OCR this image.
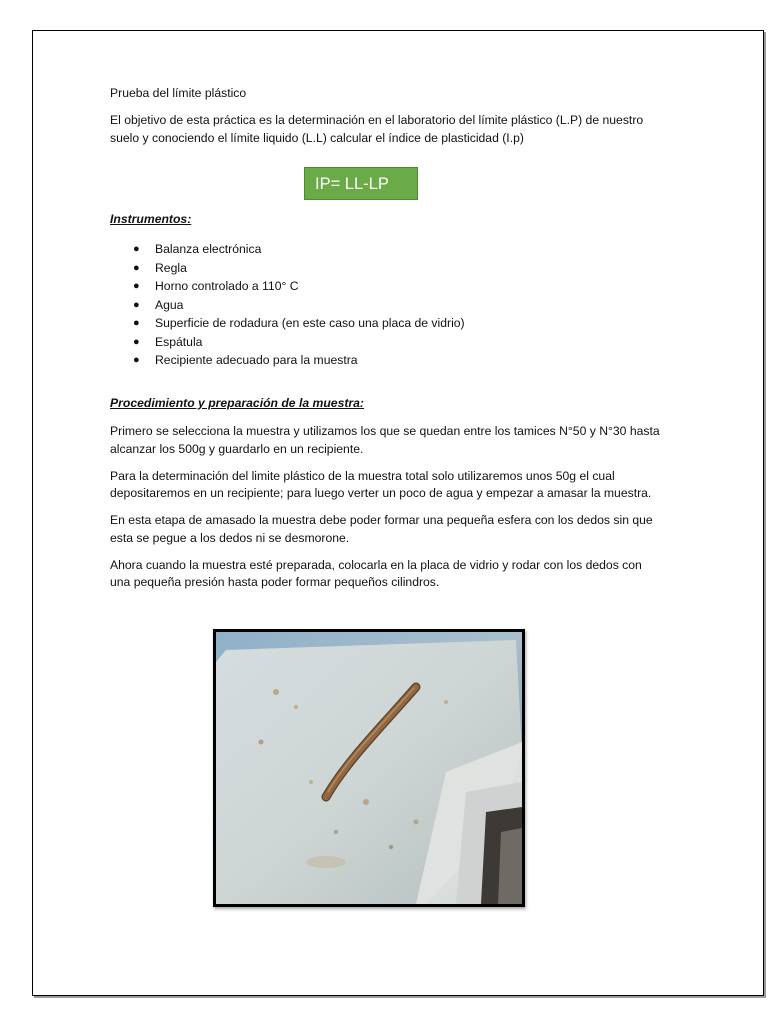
Prueba del límite plástico
El objetivo de esta práctica es la determinación en el laboratorio del límite plástico (L.P) de nuestro suelo y conociendo el límite liquido (L.L) calcular el índice de plasticidad (I.p)
IP= LL-LP
Instrumentos:
● Balanza electrónica
● Regla
● Horno controlado a 110° C
● Agua
● Superficie de rodadura (en este caso una placa de vidrio)
● Espátula
● Recipiente adecuado para la muestra
Procedimiento y preparación de la muestra:

Primero se selecciona la muestra y utilizamos los que se quedan entre los tamices N°50 y N°30 hasta alcanzar los 500g y guardarlo en un recipiente.

Para la determinación del limite plástico de la muestra total solo utilizaremos unos 50g el cual depositaremos en un recipiente; para luego verter un poco de agua y empezar a amasar la muestra.

En esta etapa de amasado la muestra debe poder formar una pequeña esfera con los dedos sin que esta se pegue a los dedos ni se desmorone.

Ahora cuando la muestra esté preparada, colocarla en la placa de vidrio y rodar con los dedos con una pequeña presión hasta poder formar pequeños cilindros.
